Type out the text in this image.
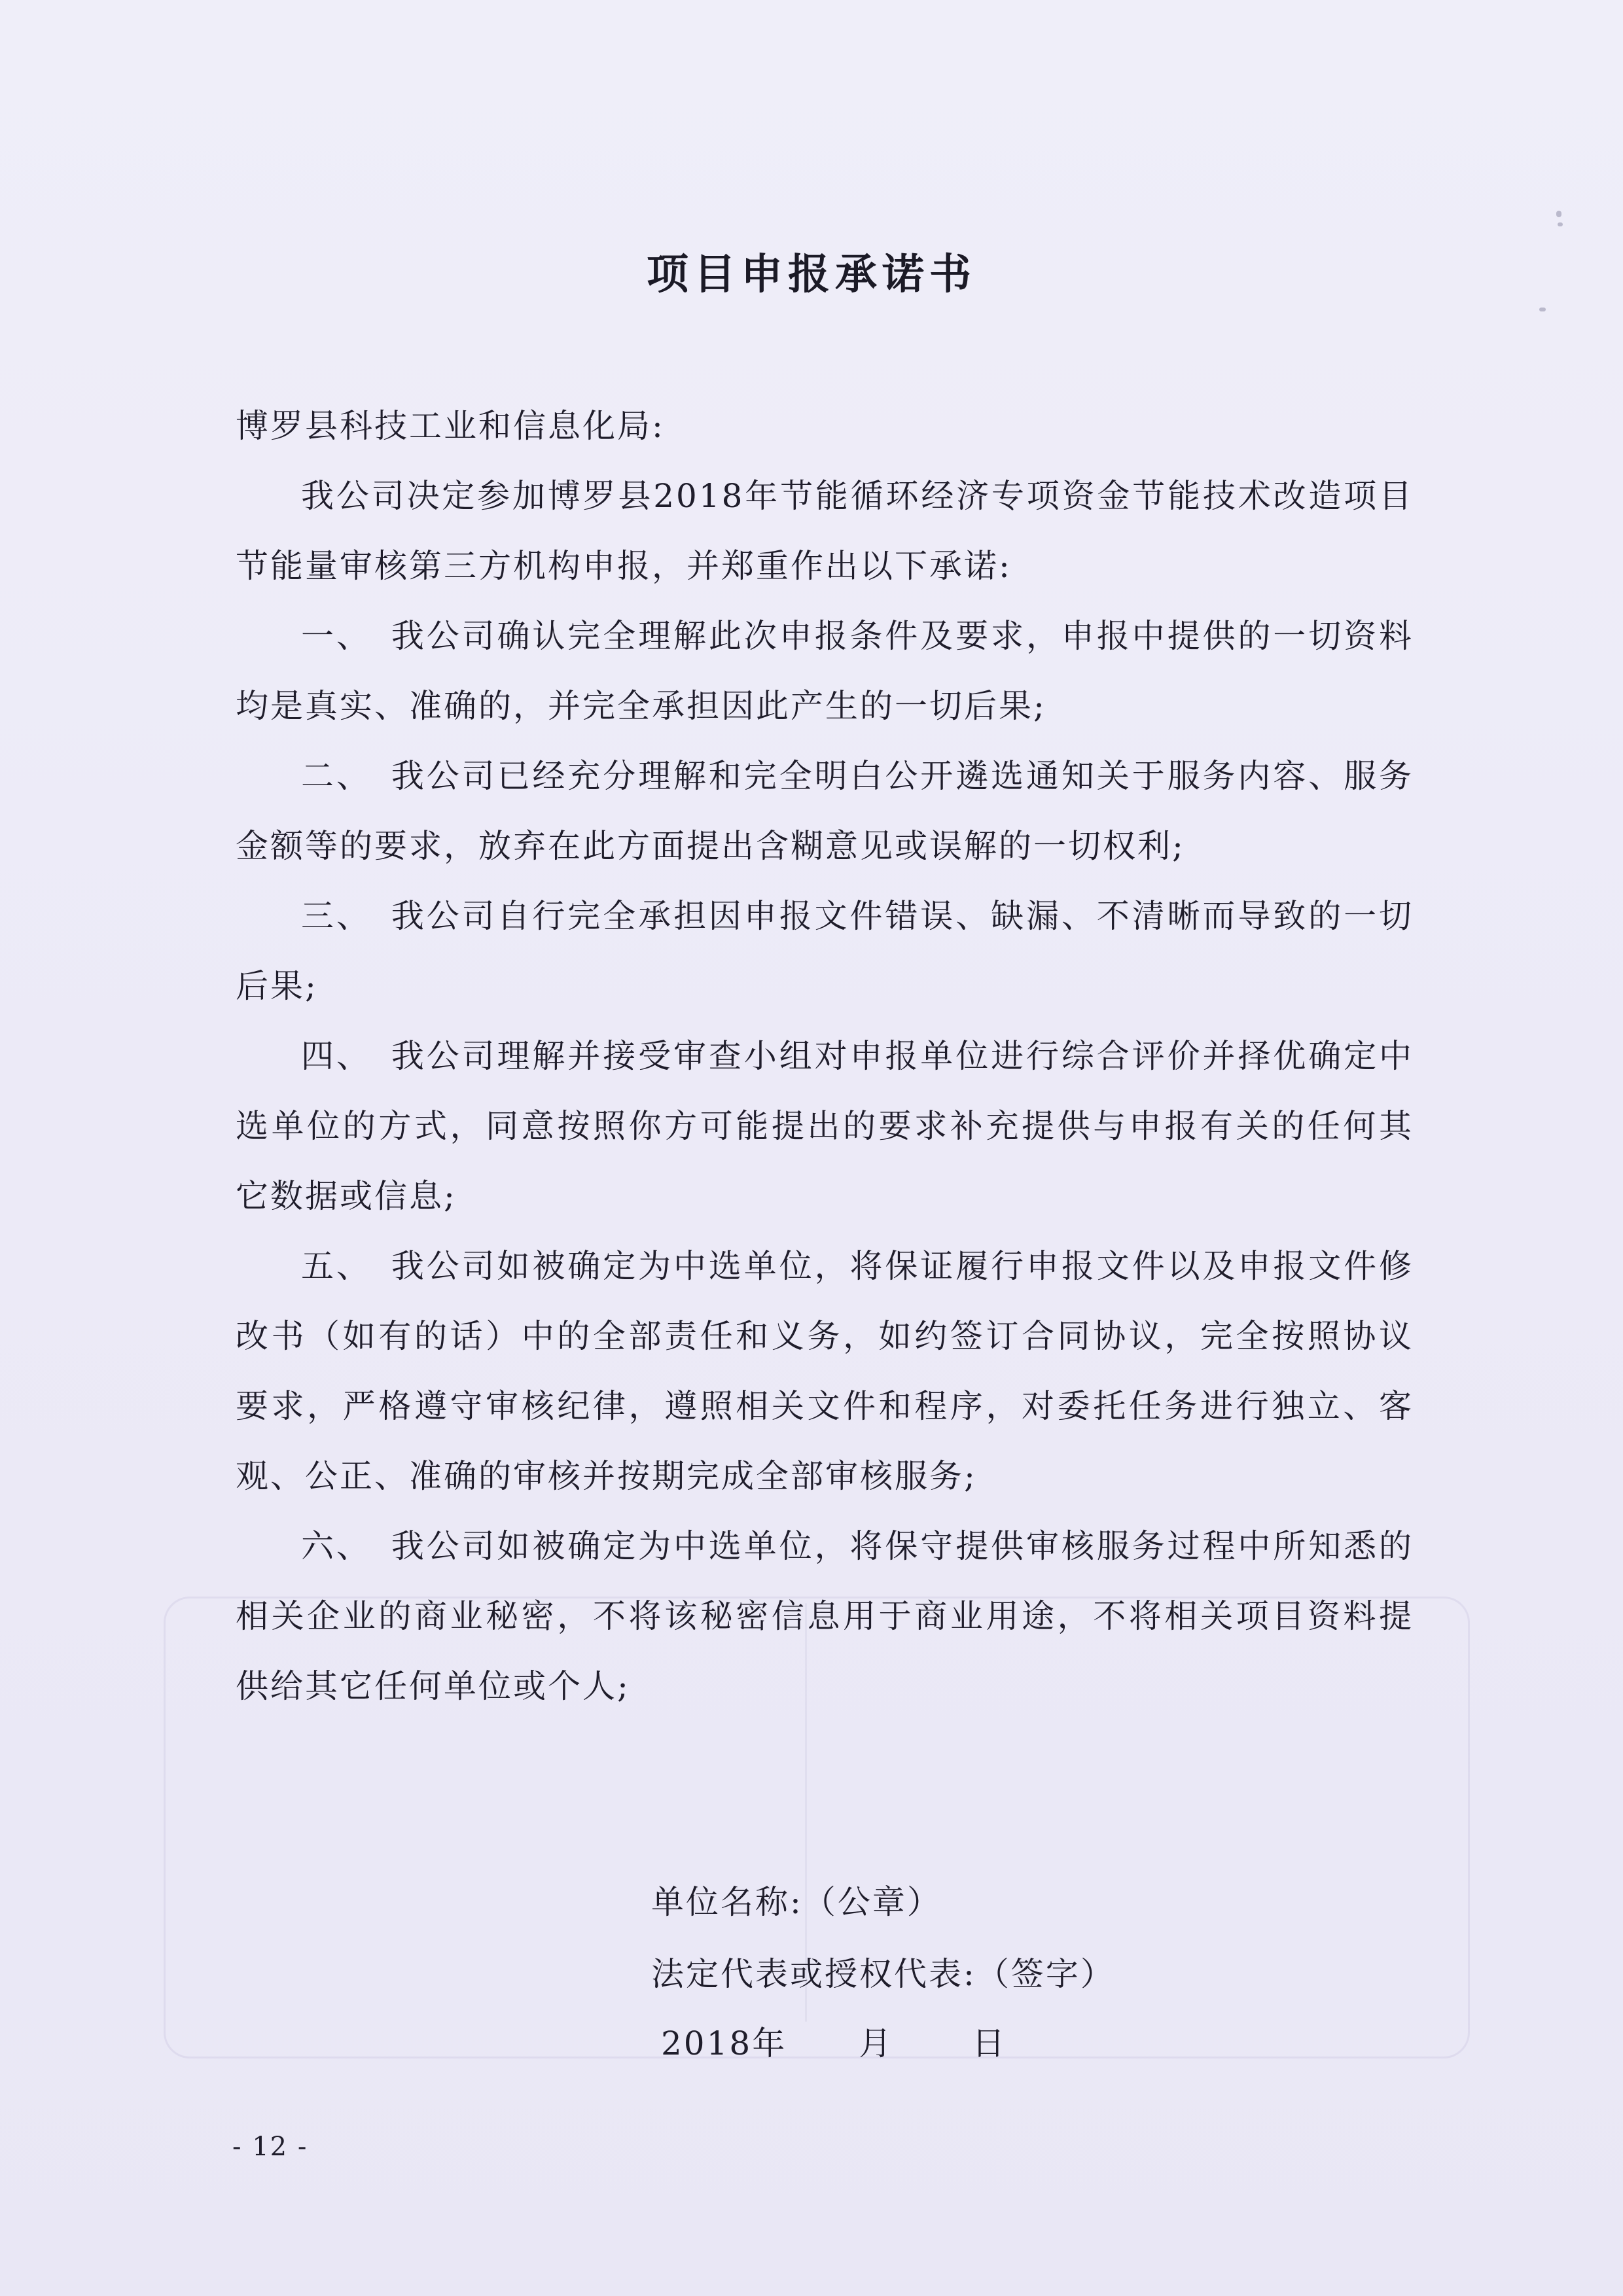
项目申报承诺书

博罗县科技工业和信息化局:

我公司决定参加博罗县2018年节能循环经济专项资金节能技术改造项目节能量审核第三方机构申报，并郑重作出以下承诺:

一、 我公司确认完全理解此次申报条件及要求，申报中提供的一切资料均是真实、准确的，并完全承担因此产生的一切后果;

二、 我公司已经充分理解和完全明白公开遴选通知关于服务内容、服务金额等的要求，放弃在此方面提出含糊意见或误解的一切权利;

三、 我公司自行完全承担因申报文件错误、缺漏、不清晰而导致的一切后果;

四、 我公司理解并接受审查小组对申报单位进行综合评价并择优确定中选单位的方式，同意按照你方可能提出的要求补充提供与申报有关的任何其它数据或信息;

五、 我公司如被确定为中选单位，将保证履行申报文件以及申报文件修改书（如有的话）中的全部责任和义务，如约签订合同协议，完全按照协议要求，严格遵守审核纪律，遵照相关文件和程序，对委托任务进行独立、客观、公正、准确的审核并按期完成全部审核服务;

六、 我公司如被确定为中选单位，将保守提供审核服务过程中所知悉的相关企业的商业秘密，不将该秘密信息用于商业用途，不将相关项目资料提供给其它任何单位或个人;

单位名称:（公章）
法定代表或授权代表:（签字）
2018年 月 日
- 12 -
